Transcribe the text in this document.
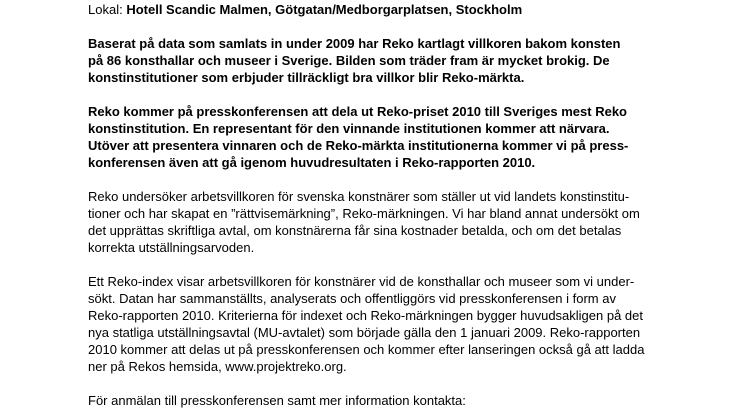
Lokal: Hotell Scandic Malmen, Götgatan/Medborgarplatsen, Stockholm
Baserat på data som samlats in under 2009 har Reko kartlagt villkoren bakom konsten
på 86 konsthallar och museer i Sverige. Bilden som träder fram är mycket brokig. De
konstinstitutioner som erbjuder tillräckligt bra villkor blir Reko-märkta.
Reko kommer på presskonferensen att dela ut Reko-priset 2010 till Sveriges mest Reko
konstinstitution. En representant för den vinnande institutionen kommer att närvara.
Utöver att presentera vinnaren och de Reko-märkta institutionerna kommer vi på press-
konferensen även att gå igenom huvudresultaten i Reko-rapporten 2010.
Reko undersöker arbetsvillkoren för svenska konstnärer som ställer ut vid landets konstinstitu-
tioner och har skapat en ”rättvisemärkning”, Reko-märkningen. Vi har bland annat undersökt om
det upprättas skriftliga avtal, om konstnärerna får sina kostnader betalda, och om det betalas
korrekta utställningsarvoden.
Ett Reko-index visar arbetsvillkoren för konstnärer vid de konsthallar och museer som vi under-
sökt. Datan har sammanställts, analyserats och offentliggörs vid presskonferensen i form av
Reko-rapporten 2010. Kriterierna för indexet och Reko-märkningen bygger huvudsakligen på det
nya statliga utställningsavtal (MU-avtalet) som började gälla den 1 januari 2009. Reko-rapporten
2010 kommer att delas ut på presskonferensen och kommer efter lanseringen också gå att ladda
ner på Rekos hemsida, www.projektreko.org.
För anmälan till presskonferensen samt mer information kontakta:
